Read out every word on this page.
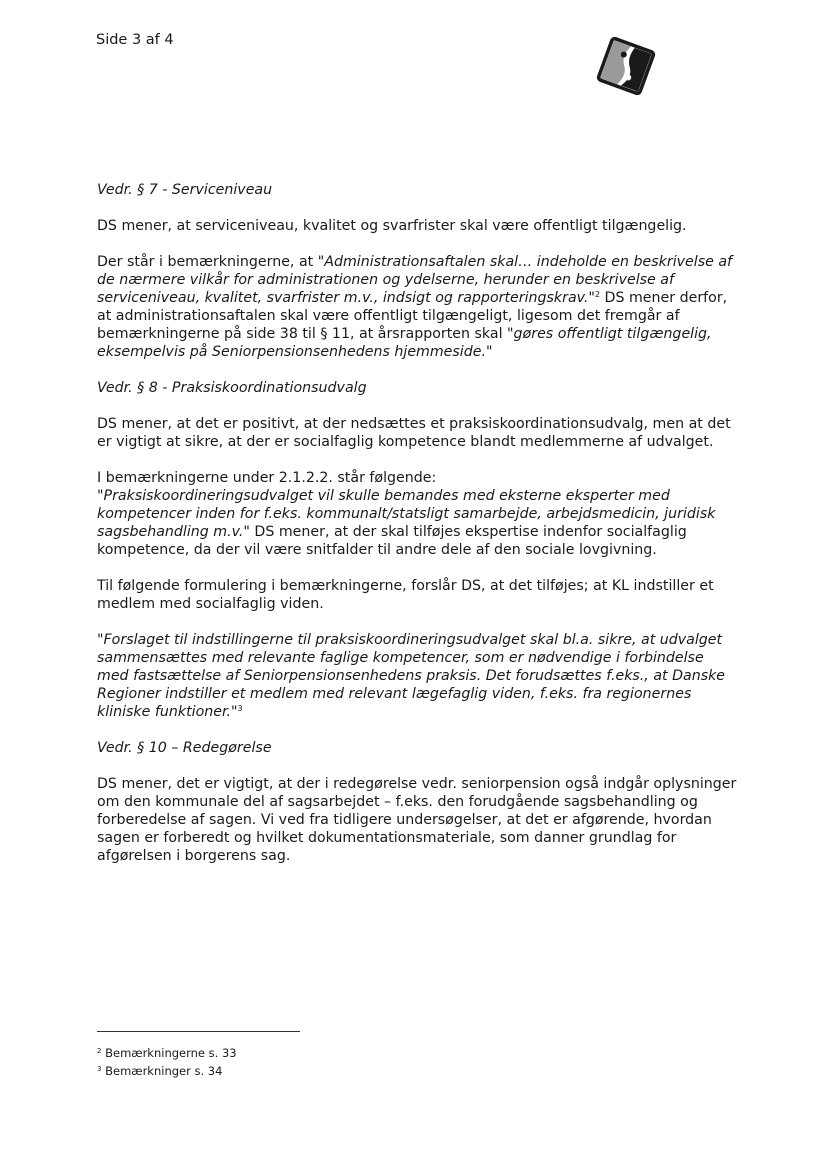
Side 3 af 4

Vedr. § 7 - Serviceniveau

DS mener, at serviceniveau, kvalitet og svarfrister skal være offentligt tilgængelig.

Der står i bemærkningerne, at "Administrationsaftalen skal… indeholde en beskrivelse af de nærmere vilkår for administrationen og ydelserne, herunder en beskrivelse af serviceniveau, kvalitet, svarfrister m.v., indsigt og rapporteringskrav."$^2$ DS mener derfor, at administrationsaftalen skal være offentligt tilgængeligt, ligesom det fremgår af bemærkningerne på side 38 til § 11, at årsrapporten skal "gøres offentligt tilgængelig, eksempelvis på Seniorpensionsenhedens hjemmeside."

Vedr. § 8 - Praksiskoordinationsudvalg

DS mener, at det er positivt, at der nedsættes et praksiskoordinationsudvalg, men at det er vigtigt at sikre, at der er socialfaglig kompetence blandt medlemmerne af udvalget.

I bemærkningerne under 2.1.2.2. står følgende:
"Praksiskoordineringsudvalget vil skulle bemandes med eksterne eksperter med kompetencer inden for f.eks. kommunalt/statsligt samarbejde, arbejdsmedicin, juridisk sagsbehandling m.v." DS mener, at der skal tilføjes ekspertise indenfor socialfaglig kompetence, da der vil være snitfalder til andre dele af den sociale lovgivning.

Til følgende formulering i bemærkningerne, forslår DS, at det tilføjes; at KL indstiller et medlem med socialfaglig viden.

"Forslaget til indstillingerne til praksiskoordineringsudvalget skal bl.a. sikre, at udvalget sammensættes med relevante faglige kompetencer, som er nødvendige i forbindelse med fastsættelse af Seniorpensionsenhedens praksis. Det forudsættes f.eks., at Danske Regioner indstiller et medlem med relevant lægefaglig viden, f.eks. fra regionernes kliniske funktioner."$^3$

Vedr. § 10 – Redegørelse

DS mener, det er vigtigt, at der i redegørelse vedr. seniorpension også indgår oplysninger om den kommunale del af sagsarbejdet – f.eks. den forudgående sagsbehandling og forberedelse af sagen. Vi ved fra tidligere undersøgelser, at det er afgørende, hvordan sagen er forberedt og hvilket dokumentationsmateriale, som danner grundlag for afgørelsen i borgerens sag.

$^2$ Bemærkningerne s. 33
$^3$ Bemærkninger s. 34
